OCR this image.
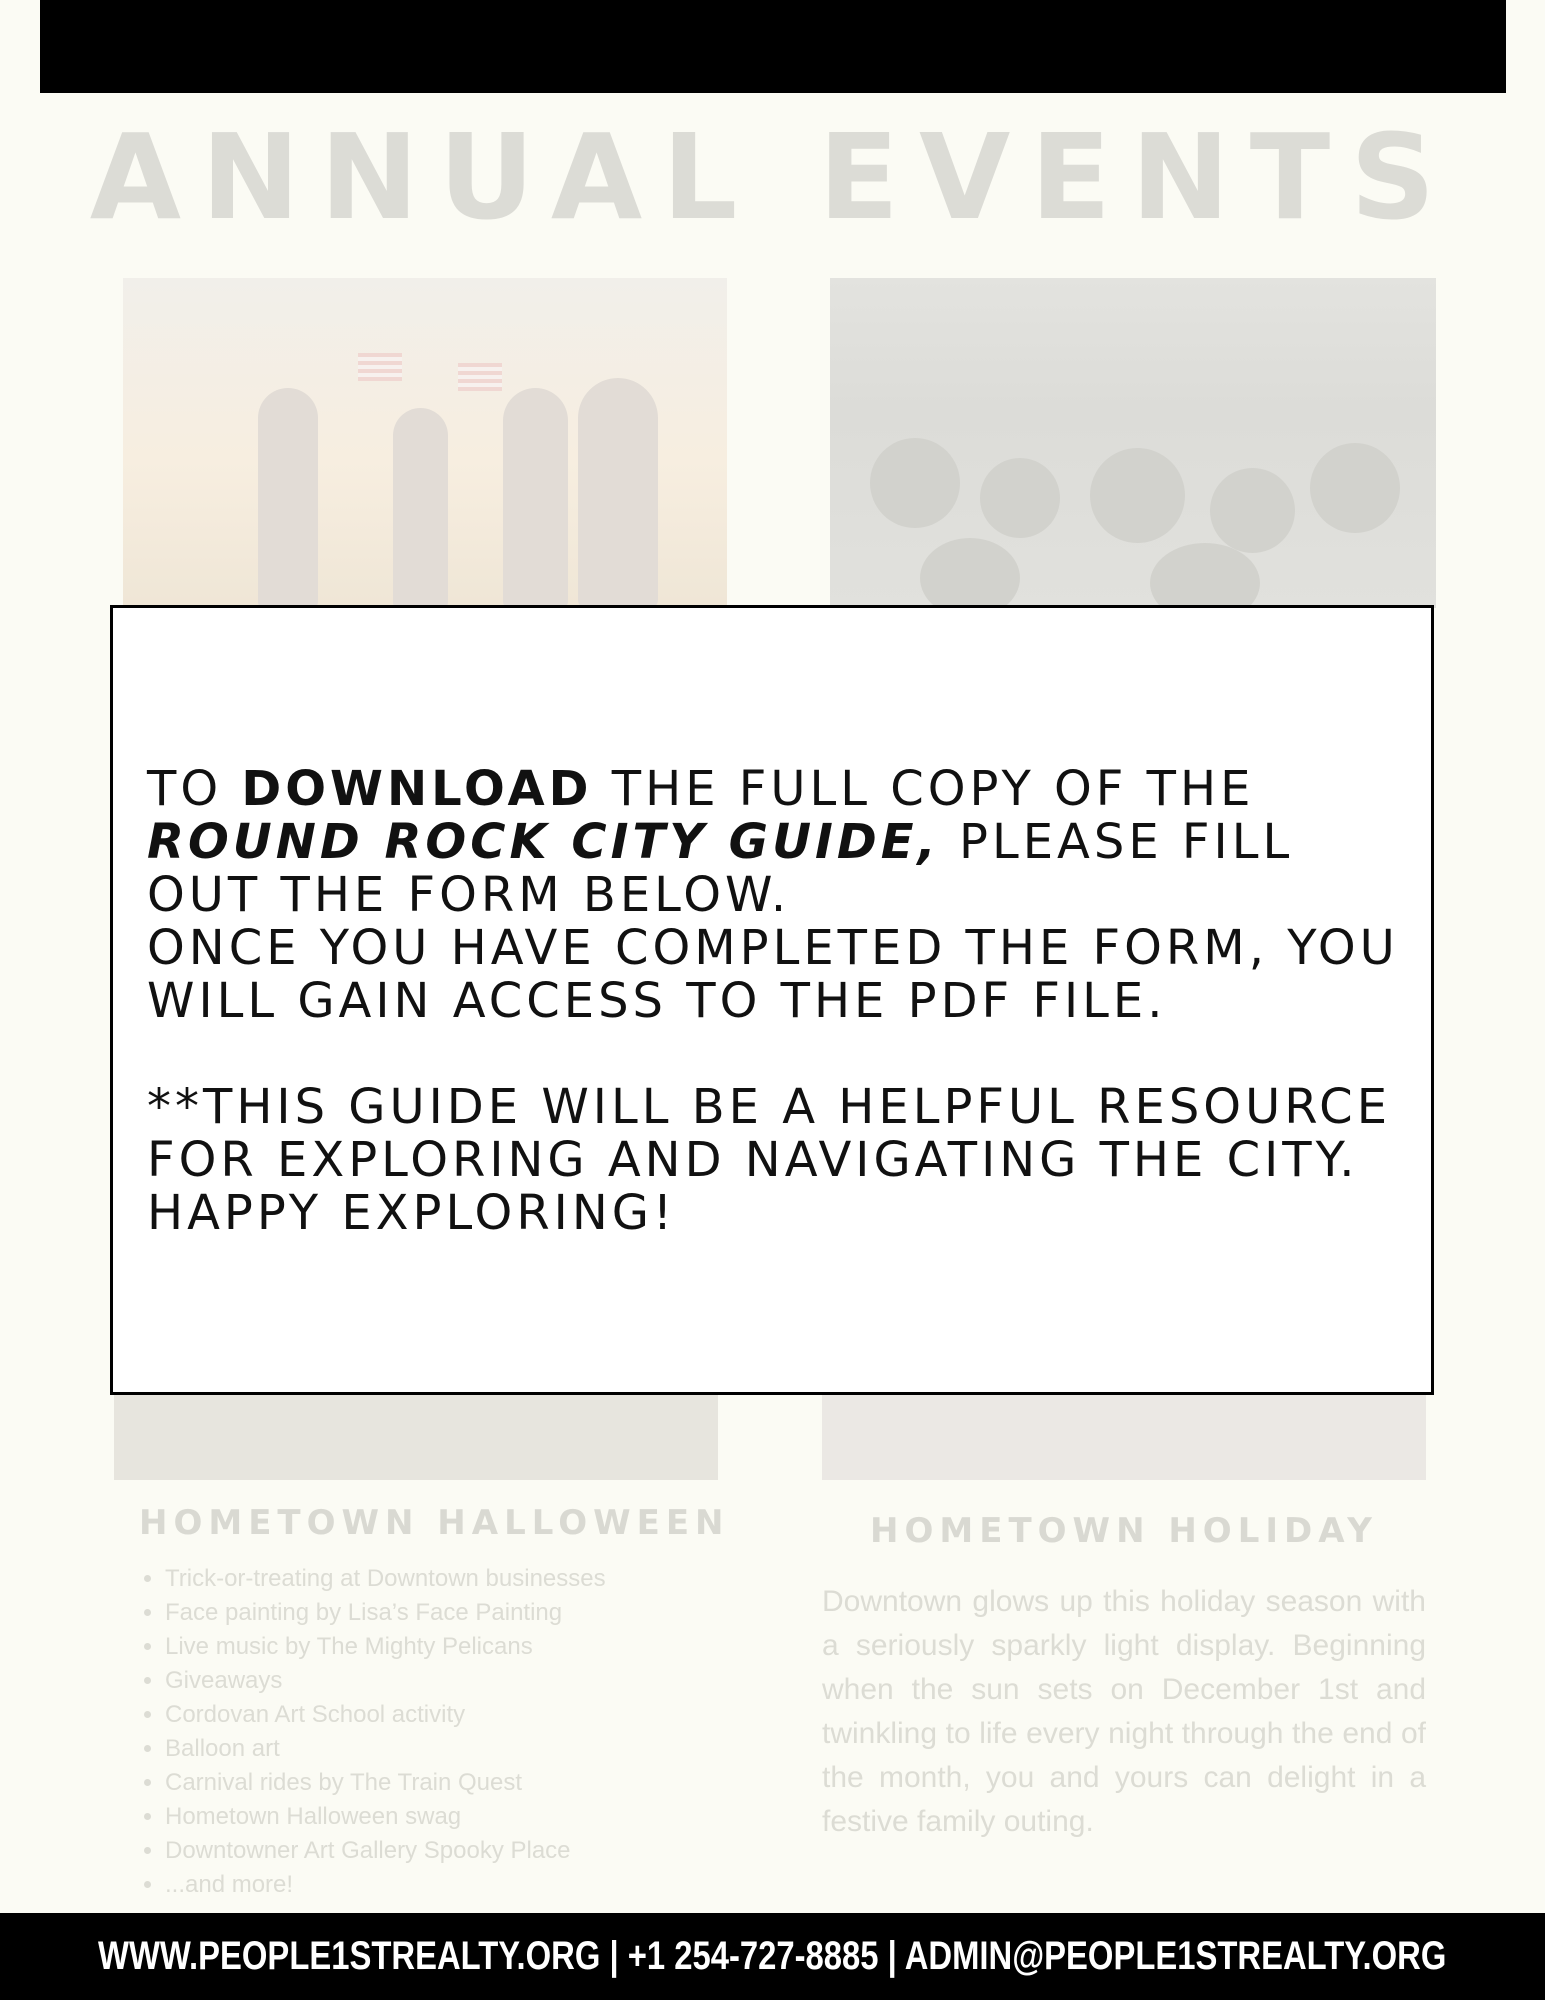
ANNUAL EVENTS
HOMETOWN HALLOWEEN
• Trick-or-treating at Downtown businesses
• Face painting by Lisa’s Face Painting
• Live music by The Mighty Pelicans
• Giveaways
• Cordovan Art School activity
• Balloon art
• Carnival rides by The Train Quest
• Hometown Halloween swag
• Downtowner Art Gallery Spooky Place
• ...and more!
HOMETOWN HOLIDAY

Downtown glows up this holiday season with a seriously sparkly light display. Beginning when the sun sets on December 1st and twinkling to life every night through the end of the month, you and yours can delight in a festive family outing.

TO DOWNLOAD THE FULL COPY OF THE
ROUND ROCK CITY GUIDE, PLEASE FILL OUT THE FORM BELOW.
ONCE YOU HAVE COMPLETED THE FORM, YOU WILL GAIN ACCESS TO THE PDF FILE.

**THIS GUIDE WILL BE A HELPFUL RESOURCE FOR EXPLORING AND NAVIGATING THE CITY. HAPPY EXPLORING!

WWW.PEOPLE1STREALTY.ORG | +1 254-727-8885 | ADMIN@PEOPLE1STREALTY.ORG
